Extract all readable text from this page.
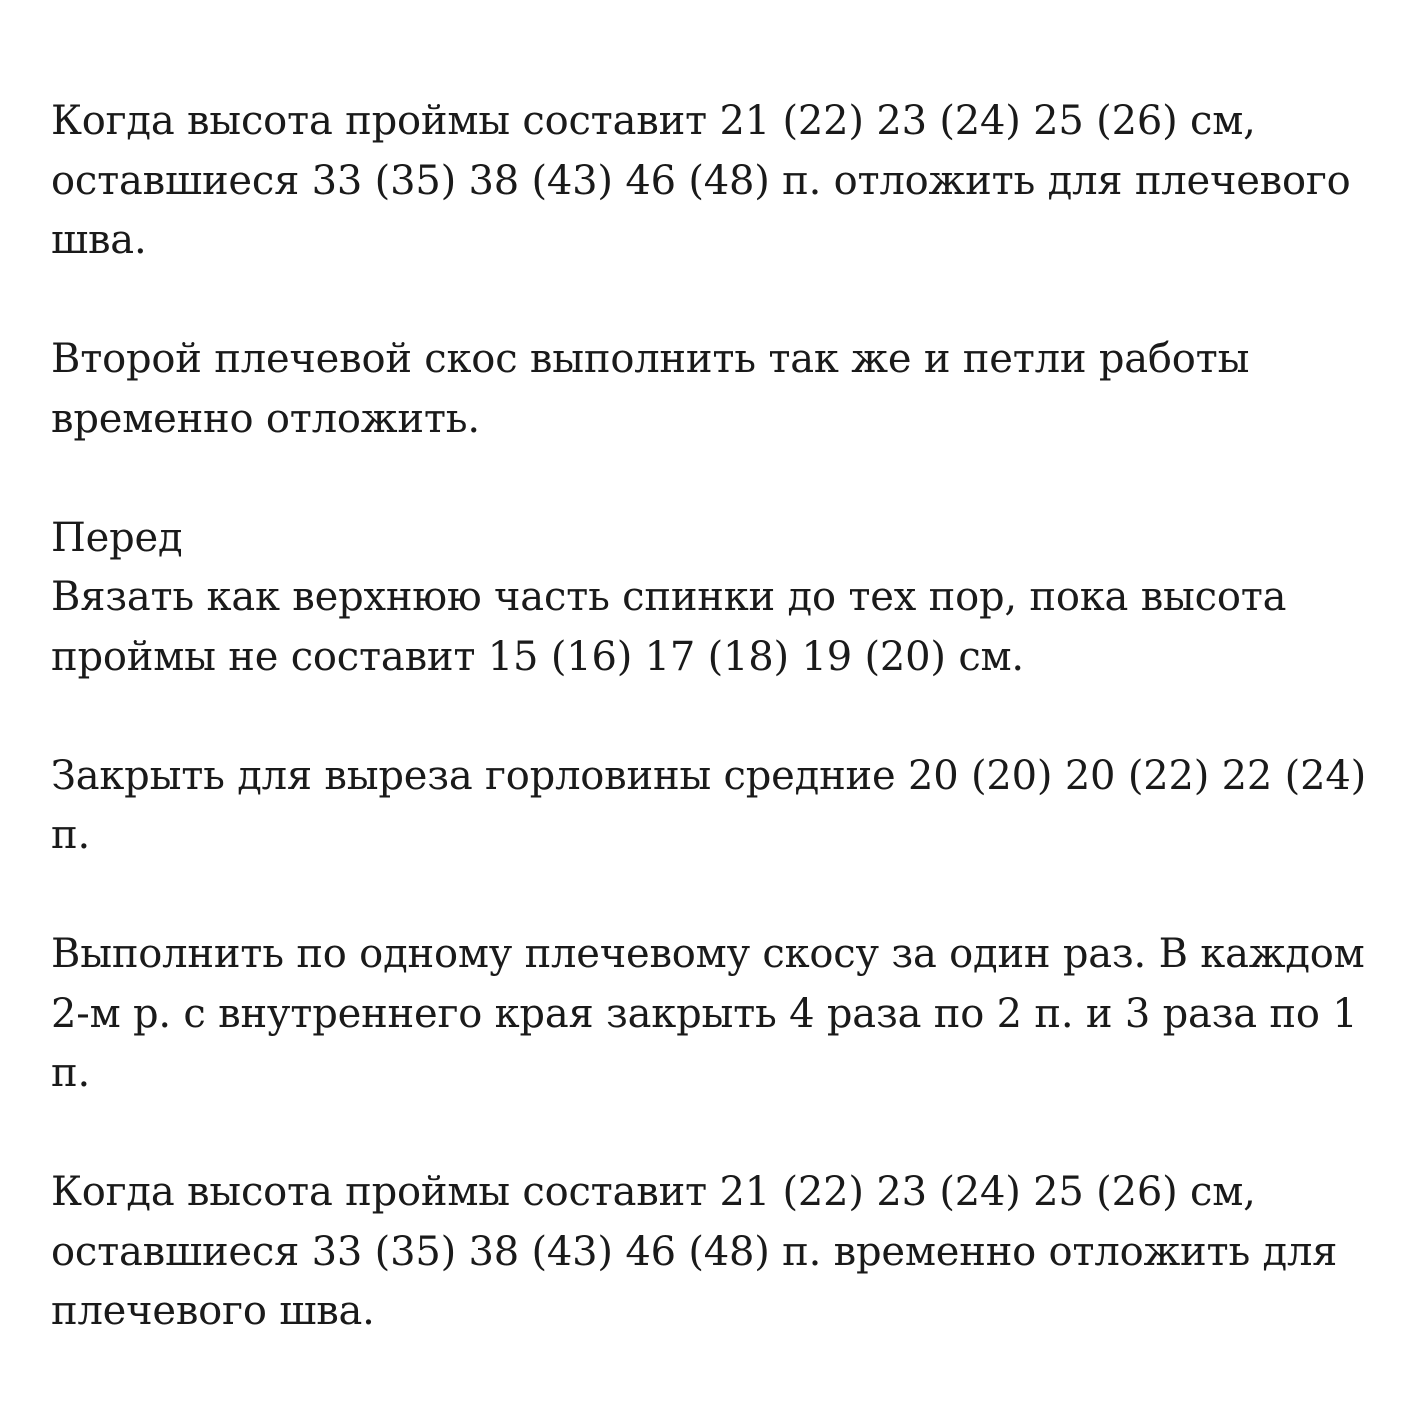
Когда высота проймы составит 21 (22) 23 (24) 25 (26) см,
оставшиеся 33 (35) 38 (43) 46 (48) п. отложить для плечевого
шва.
Второй плечевой скос выполнить так же и петли работы
временно отложить.
Перед
Вязать как верхнюю часть спинки до тех пор, пока высота
проймы не составит 15 (16) 17 (18) 19 (20) см.
Закрыть для выреза горловины средние 20 (20) 20 (22) 22 (24)
п.
Выполнить по одному плечевому скосу за один раз. В каждом
2-м р. с внутреннего края закрыть 4 раза по 2 п. и 3 раза по 1
п.
Когда высота проймы составит 21 (22) 23 (24) 25 (26) см,
оставшиеся 33 (35) 38 (43) 46 (48) п. временно отложить для
плечевого шва.
